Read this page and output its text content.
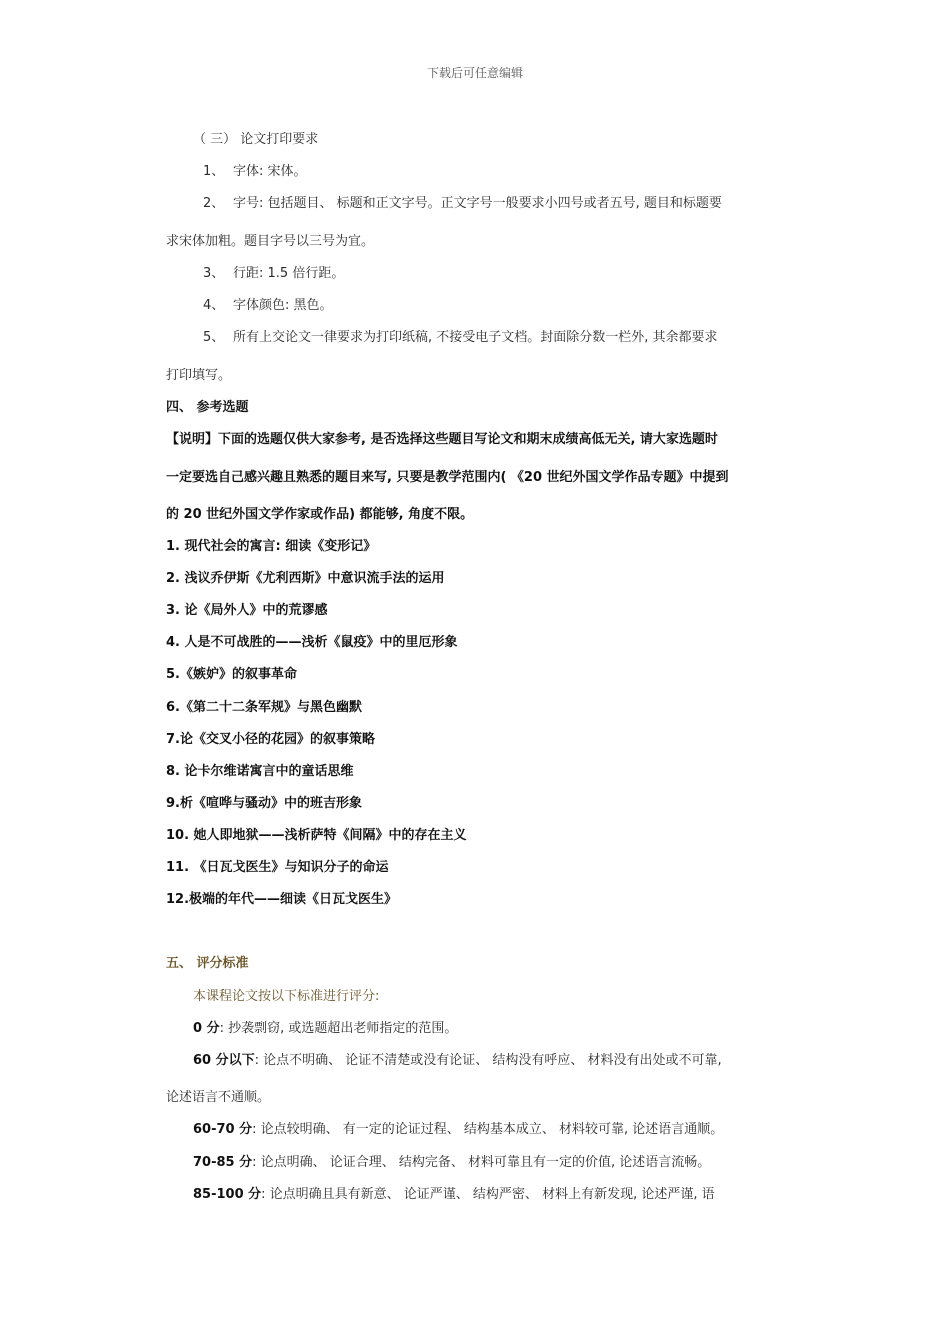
下载后可任意编辑
（ 三） 论文打印要求
1、 字体: 宋体。
2、 字号: 包括题目、 标题和正文字号。正文字号一般要求小四号或者五号, 题目和标题要
求宋体加粗。题目字号以三号为宜。
3、 行距: 1.5 倍行距。
4、 字体颜色: 黑色。
5、 所有上交论文一律要求为打印纸稿, 不接受电子文档。封面除分数一栏外, 其余都要求
打印填写。
四、 参考选题
【说明】下面的选题仅供大家参考, 是否选择这些题目写论文和期末成绩高低无关, 请大家选题时
一定要选自己感兴趣且熟悉的题目来写, 只要是教学范围内( 《20 世纪外国文学作品专题》中提到
的 20 世纪外国文学作家或作品) 都能够, 角度不限。
1. 现代社会的寓言: 细读《变形记》
2. 浅议乔伊斯《尤利西斯》中意识流手法的运用
3. 论《局外人》中的荒谬感
4. 人是不可战胜的——浅析《鼠疫》中的里厄形象
5.《嫉妒》的叙事革命
6.《第二十二条军规》与黑色幽默
7.论《交叉小径的花园》的叙事策略
8. 论卡尔维诺寓言中的童话思维
9.析《喧哗与骚动》中的班吉形象
10. 她人即地狱——浅析萨特《间隔》中的存在主义
11. 《日瓦戈医生》与知识分子的命运
12.极端的年代——细读《日瓦戈医生》
五、 评分标准
本课程论文按以下标准进行评分:
0 分: 抄袭剽窃, 或选题超出老师指定的范围。
60 分以下: 论点不明确、 论证不清楚或没有论证、 结构没有呼应、 材料没有出处或不可靠,
论述语言不通顺。
60-70 分: 论点较明确、 有一定的论证过程、 结构基本成立、 材料较可靠, 论述语言通顺。
70-85 分: 论点明确、 论证合理、 结构完备、 材料可靠且有一定的价值, 论述语言流畅。
85-100 分: 论点明确且具有新意、 论证严谨、 结构严密、 材料上有新发现, 论述严谨, 语
